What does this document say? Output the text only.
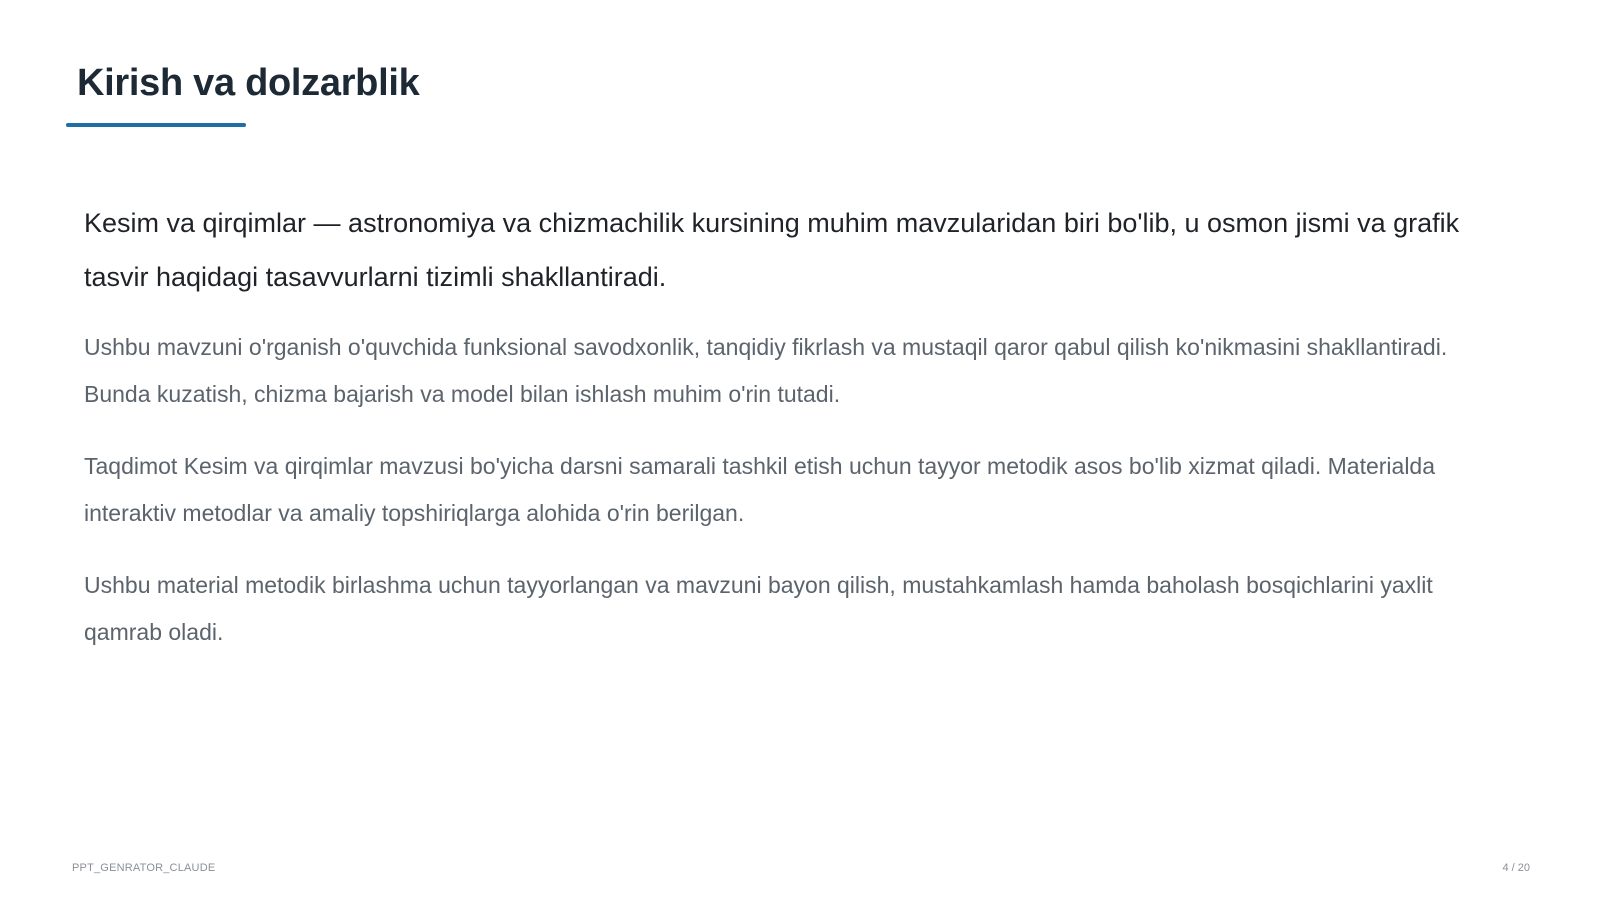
Kirish va dolzarblik

Kesim va qirqimlar — astronomiya va chizmachilik kursining muhim mavzularidan biri bo'lib, u osmon jismi va grafik tasvir haqidagi tasavvurlarni tizimli shakllantiradi.

Ushbu mavzuni o'rganish o'quvchida funksional savodxonlik, tanqidiy fikrlash va mustaqil qaror qabul qilish ko'nikmasini shakllantiradi. Bunda kuzatish, chizma bajarish va model bilan ishlash muhim o'rin tutadi.

Taqdimot Kesim va qirqimlar mavzusi bo'yicha darsni samarali tashkil etish uchun tayyor metodik asos bo'lib xizmat qiladi. Materialda interaktiv metodlar va amaliy topshiriqlarga alohida o'rin berilgan.

Ushbu material metodik birlashma uchun tayyorlangan va mavzuni bayon qilish, mustahkamlash hamda baholash bosqichlarini yaxlit qamrab oladi.

PPT_GENRATOR_CLAUDE	4 / 20
